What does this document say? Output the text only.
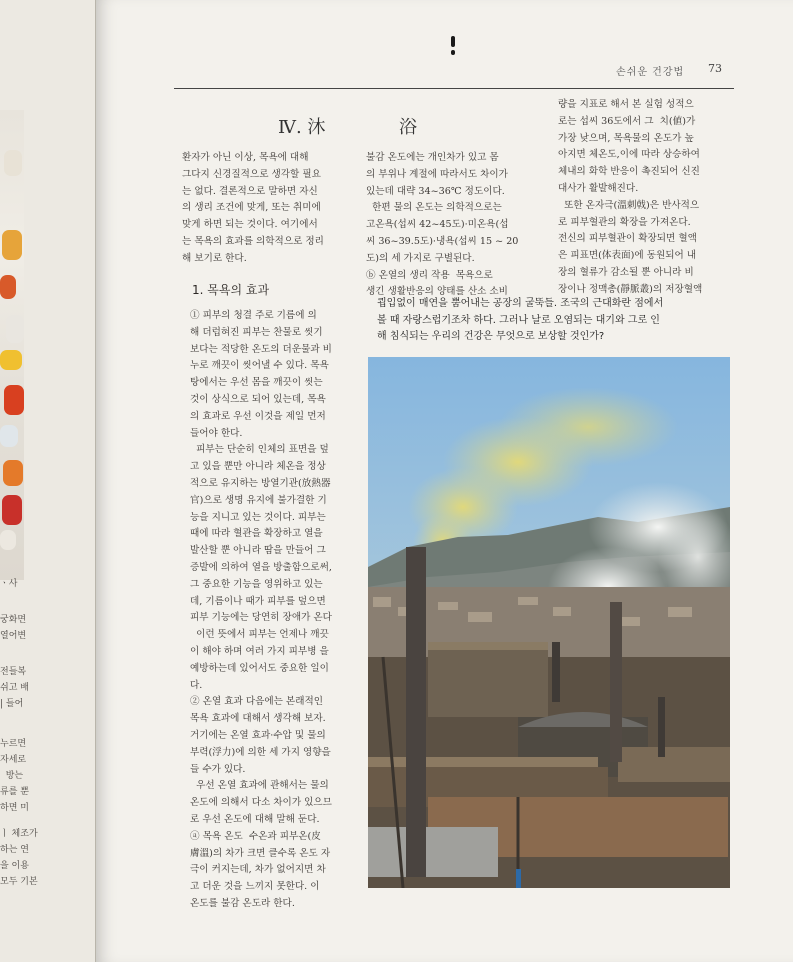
ㆍ사
궁화면
열어변
전들복
쉬고 배
| 들어
누르면
자세로
방는
류를 뿐
하면 미
ㅣ 체조가
하는 연
을 이용
모두 기본
손쉬운 건강법 73
Ⅳ. 沐	浴

환자가 아닌 이상, 목욕에 대해
그다지 신경질적으로 생각할 필요
는 없다. 결론적으로 말하면 자신
의 생리 조건에 맞게, 또는 취미에
맞게 하면 되는 것이다. 여기에서
는 목욕의 효과를 의학적으로 정리
해 보기로 한다.

불감 온도에는 개인차가 있고 몸
의 부위나 계절에 따라서도 차이가
있는데 대략 34~36℃ 정도이다.
한편 물의 온도는 의학적으로는
고온욕(섭씨 42~45도)·미온욕(섭
씨 36~39.5도)·냉욕(섭씨 15 ~ 20
도)의 세 가지로 구별된다.
ⓑ 온열의 생리 작용  목욕으로
생긴 생활반응의 양태를 산소 소비

량을 지표로 해서 본 실험 성적으
로는 섭씨 36도에서 그  치(値)가
가장 낮으며, 목욕물의 온도가 높
아지면 체온도,이에 따라 상승하여
체내의 화학 반응이 촉진되어 신진
대사가 활발해진다.
또한 온자극(溫刺戟)은 반사적으
로 피부혈관의 확장을 가져온다.
전신의 피부혈관이 확장되면 혈액
은 피표면(体表面)에 동원되어 내
장의 혈류가 감소될 뿐 아니라 비
장이나 정맥총(靜脈叢)의 저장혈액

1. 목욕의 효과

① 피부의 청결 주로 기름에 의
해 더럽혀진 피부는 찬물로 씻기
보다는 적당한 온도의 더운물과 비
누로 깨끗이 씻어낼 수 있다. 목욕
탕에서는 우선 몸을 깨끗이 씻는
것이 상식으로 되어 있는데, 목욕
의 효과로 우선 이것을 제일 먼저
들어야 한다.
피부는 단순히 인체의 표면을 덮
고 있을 뿐만 아니라 체온을 정상
적으로 유지하는 방열기관(放熱器
官)으로 생명 유지에 불가결한 기
능을 지니고 있는 것이다. 피부는
때에 따라 혈관을 확장하고 열을
발산할 뿐 아니라 땀을 만들어 그
증발에 의하여 열을 방출함으로써,
그 중요한 기능을 영위하고 있는
데, 기름이나 때가 피부를 덮으면
피부 기능에는 당연히 장애가 온다
이런 뜻에서 피부는 언제나 깨끗
이 해야 하며 여러 가지 피부병 을
예방하는데 있어서도 중요한 일이
다.
② 온열 효과 다음에는 본래적인
목욕 효과에 대해서 생각해 보자.
거기에는 온열 효과·수압 및 물의
부력(浮力)에 의한 세 가지 영향을
들 수가 있다.
우선 온열 효과에 관해서는 물의
온도에 의해서 다소 차이가 있으므
로 우선 온도에 대해 말해 둔다.
ⓐ 목욕 온도  수온과 피부온(皮
膚溫)의 차가 크면 클수록 온도 자
극이 커지는데, 차가 없어지면 차
고 더운 것을 느끼지 못한다. 이
온도를 불감 온도라 한다.

쾹입없이 매연을 뿜어내는 공장의 굴뚝들. 조국의 근대화란 점에서
볼 때 자랑스럽기조차 하다. 그러나 날로 오염되는 대기와 그로 인
해 침식되는 우리의 건강은 무엇으로 보상할 것인가?
